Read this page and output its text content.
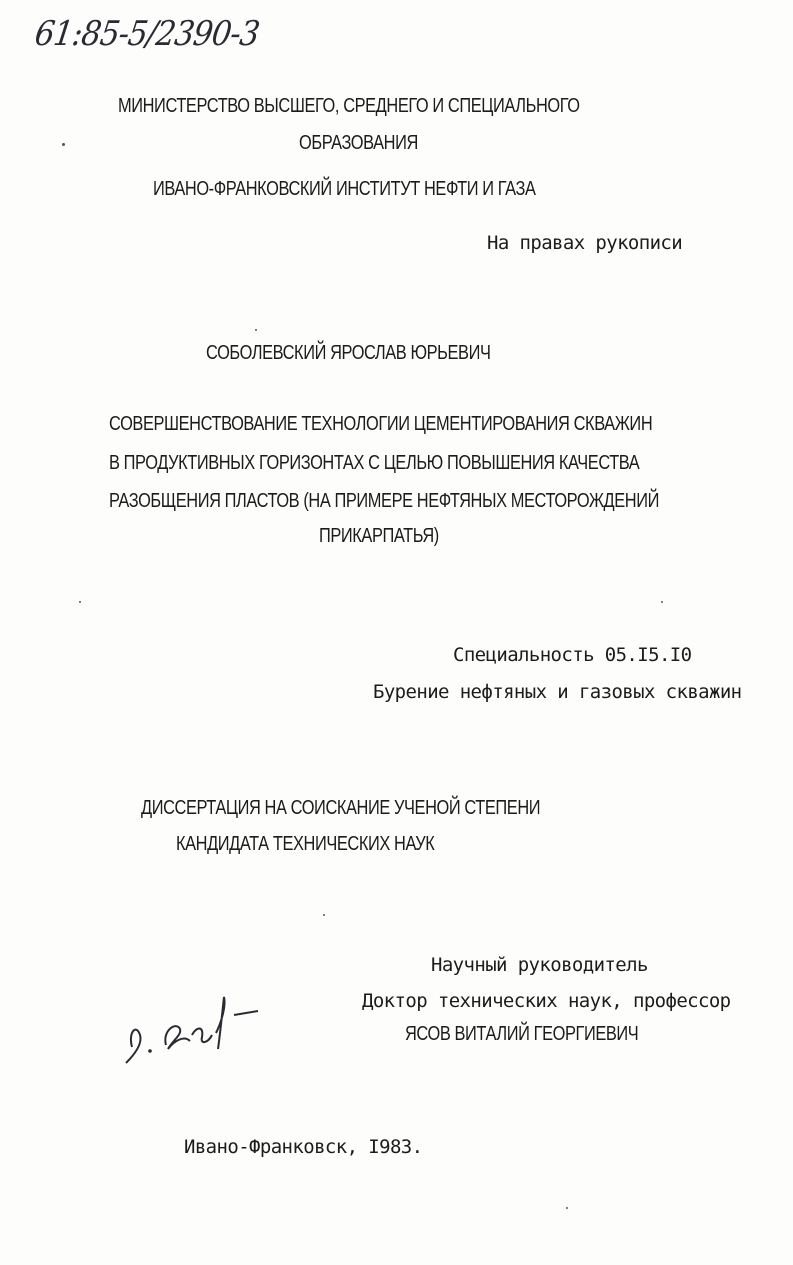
61:85-5/2390-3

МИНИСТЕРСТВО ВЫСШЕГО, СРЕДНЕГО И СПЕЦИАЛЬНОГО

ОБРАЗОВАНИЯ

ИВАНО-ФРАНКОВСКИЙ ИНСТИТУТ НЕФТИ И ГАЗА

На правах рукописи

СОБОЛЕВСКИЙ ЯРОСЛАВ ЮРЬЕВИЧ

СОВЕРШЕНСТВОВАНИЕ ТЕХНОЛОГИИ ЦЕМЕНТИРОВАНИЯ СКВАЖИН

В ПРОДУКТИВНЫХ ГОРИЗОНТАХ С ЦЕЛЬЮ ПОВЫШЕНИЯ КАЧЕСТВА

РАЗОБЩЕНИЯ ПЛАСТОВ (НА ПРИМЕРЕ НЕФТЯНЫХ МЕСТОРОЖДЕНИЙ

ПРИКАРПАТЬЯ)

Специальность 05.I5.I0

Бурение нефтяных и газовых скважин

ДИССЕРТАЦИЯ НА СОИСКАНИЕ УЧЕНОЙ СТЕПЕНИ

КАНДИДАТА ТЕХНИЧЕСКИХ НАУК

Научный руководитель

Доктор технических наук, профессор

ЯСОВ ВИТАЛИЙ ГЕОРГИЕВИЧ

Ивано-Франковск, I983.
